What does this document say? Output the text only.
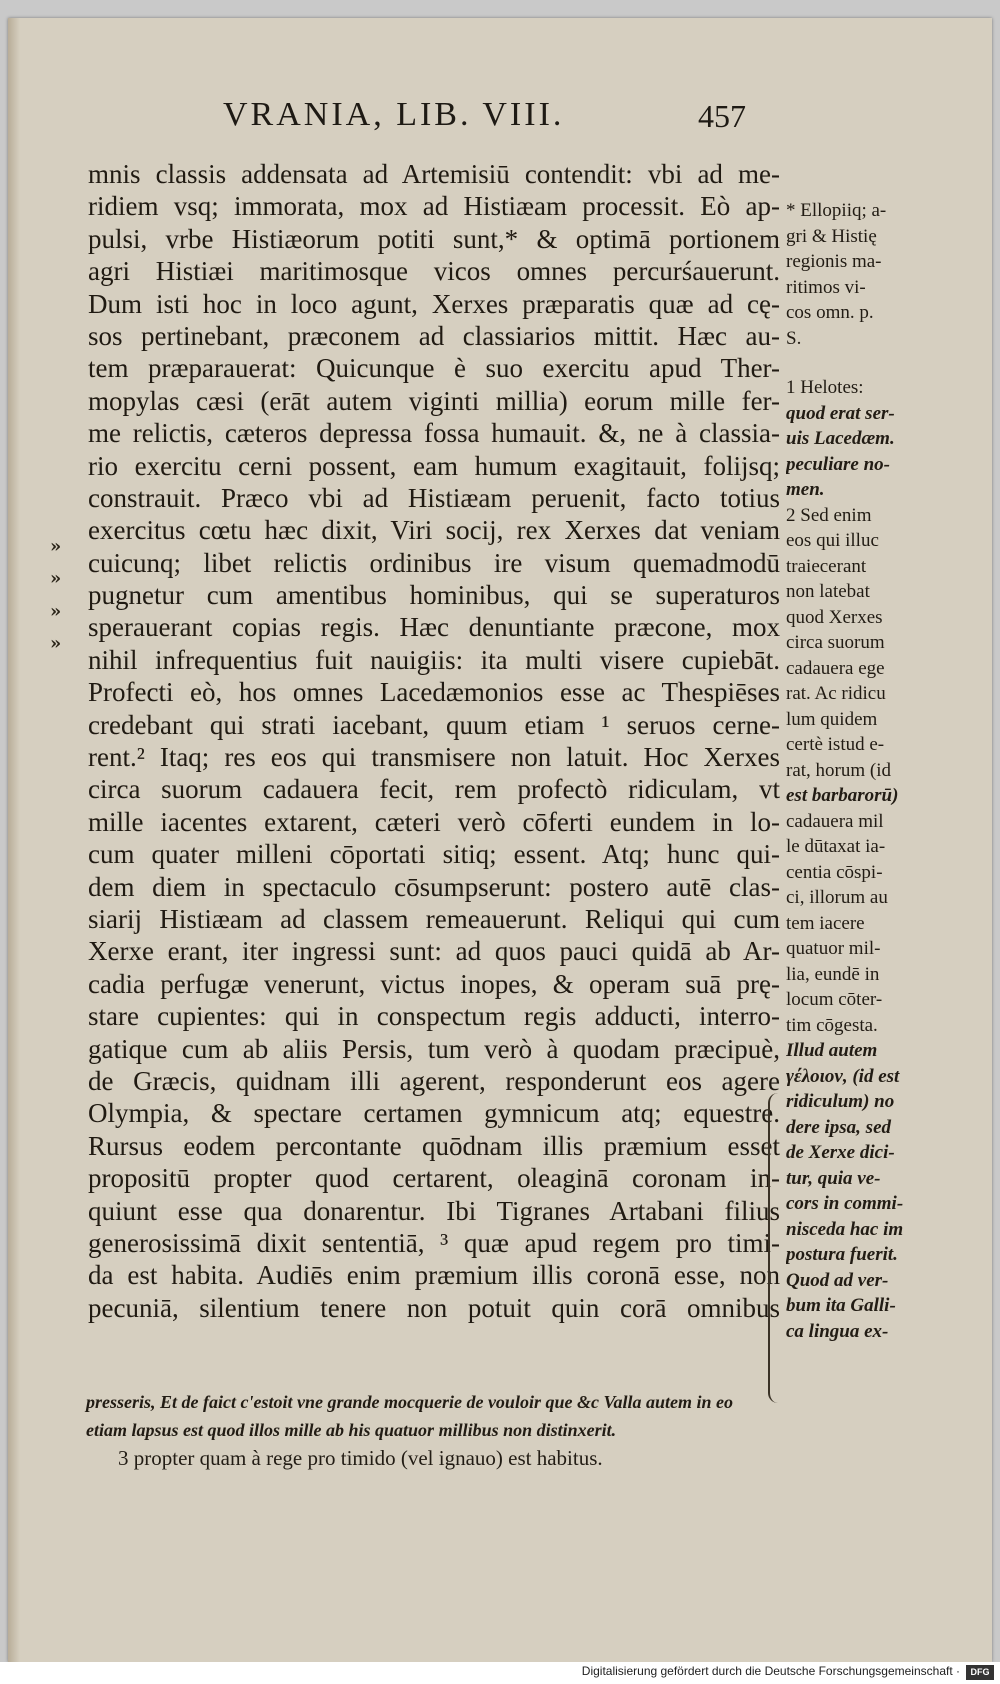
VRANIA, LIB. VIII.	457
mnis classis addensata ad Artemisiū contendit: vbi ad me-
ridiem vsq; immorata, mox ad Histiæam processit. Eò ap-
pulsi, vrbe Histiæorum potiti sunt,* & optimā portionem
agri Histiæi maritimosque vicos omnes percurśauerunt.
Dum isti hoc in loco agunt, Xerxes præparatis quæ ad cę-
sos pertinebant, præconem ad classiarios mittit. Hæc au-
tem præparauerat: Quicunque è suo exercitu apud Ther-
mopylas cæsi (erāt autem viginti millia) eorum mille fer-
me relictis, cæteros depressa fossa humauit. &, ne à classia-
rio exercitu cerni possent, eam humum exagitauit, folijsq;
constrauit. Præco vbi ad Histiæam peruenit, facto totius
exercitus cœtu hæc dixit, Viri socij, rex Xerxes dat veniam
cuicunq; libet relictis ordinibus ire visum quemadmodū
pugnetur cum amentibus hominibus, qui se superaturos
sperauerant copias regis. Hæc denuntiante præcone, mox
nihil infrequentius fuit nauigiis: ita multi visere cupiebāt.
Profecti eò, hos omnes Lacedæmonios esse ac Thespiēses
credebant qui strati iacebant, quum etiam ¹ seruos cerne-
rent.² Itaq; res eos qui transmisere non latuit. Hoc Xerxes
circa suorum cadauera fecit, rem profectò ridiculam, vt
mille iacentes extarent, cæteri verò cōferti eundem in lo-
cum quater milleni cōportati sitiq; essent. Atq; hunc qui-
dem diem in spectaculo cōsumpserunt: postero autē clas-
siarij Histiæam ad classem remeauerunt. Reliqui qui cum
Xerxe erant, iter ingressi sunt: ad quos pauci quidā ab Ar-
cadia perfugæ venerunt, victus inopes, & operam suā prę-
stare cupientes: qui in conspectum regis adducti, interro-
gatique cum ab aliis Persis, tum verò à quodam præcipuè,
de Græcis, quidnam illi agerent, responderunt eos agere
Olympia, & spectare certamen gymnicum atq; equestre.
Rursus eodem percontante quōdnam illis præmium esset
propositū propter quod certarent, oleaginā coronam in-
quiunt esse qua donarentur. Ibi Tigranes Artabani filius
generosissimā dixit sententiā, ³ quæ apud regem pro timi-
da est habita. Audiēs enim præmium illis coronā esse, non
pecuniā, silentium tenere non potuit quin corā omnibus
»
»
»
»
* Ellopiiq; a-
gri & Histię
regionis ma-
ritimos vi-
cos omn. p.
S.
1 Helotes:
quod erat ser-
uis Lacedæm.
peculiare no-
men.
2 Sed enim
eos qui illuc
traiecerant
non latebat
quod Xerxes
circa suorum
cadauera ege
rat. Ac ridicu
lum quidem
certè istud e-
rat, horum (id
est barbarorū)
cadauera mil
le dūtaxat ia-
centia cōspi-
ci, illorum au
tem iacere
quatuor mil-
lia, eundē in
locum cōter-
tim cōgesta.
Illud autem
γέλοιον, (id est
ridiculum) no
dere ipsa, sed
de Xerxe dici-
tur, quia ve-
cors in commi-
nisceda hac im
postura fuerit.
Quod ad ver-
bum ita Galli-
ca lingua ex-
presseris, Et de faict c'estoit vne grande mocquerie de vouloir que &c Valla autem in eo
etiam lapsus est quod illos mille ab his quatuor millibus non distinxerit.
3 propter quam à rege pro timido (vel ignauo) est habitus.
Digitalisierung gefördert durch die Deutsche Forschungsgemeinschaft ·	DFG
